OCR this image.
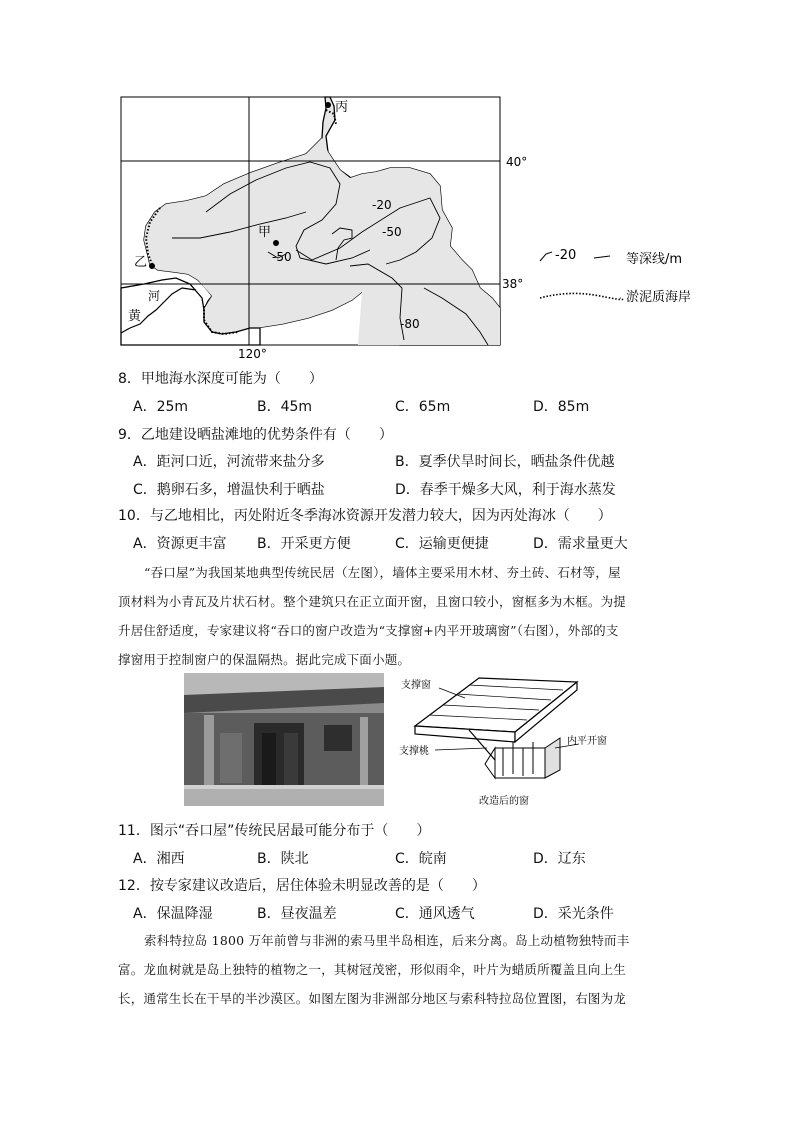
丙
甲
乙
黄
河
40°
38°
120°
-20
-50
-50
-80
-20	等深线/m
淤泥质海岸
8．甲地海水深度可能为（　　）
A．25m	B．45m	C．65m	D．85m
9．乙地建设晒盐滩地的优势条件有（　　）
A．距河口近，河流带来盐分多	B．夏季伏旱时间长，晒盐条件优越
C．鹅卵石多，增温快利于晒盐	D．春季干燥多大风，利于海水蒸发
10．与乙地相比，丙处附近冬季海冰资源开发潜力较大，因为丙处海冰（　　）
A．资源更丰富 B．开采更方便	C．运输更便捷	D．需求量更大
“吞口屋”为我国某地典型传统民居（左图），墙体主要采用木材、夯土砖、石材等，屋
顶材料为小青瓦及片状石材。整个建筑只在正立面开窗，且窗口较小，窗框多为木框。为提
升居住舒适度，专家建议将“吞口的窗户改造为“支撑窗+内平开玻璃窗”（右图），外部的支
撑窗用于控制窗户的保温隔热。据此完成下面小题。
支撑窗
支撑桃
内平开窗
改造后的窗
11．图示“吞口屋”传统民居最可能分布于（　　）
A．湘西	B．陕北	C．皖南	D．辽东
12．按专家建议改造后，居住体验未明显改善的是（　　）
A．保温降湿	B．昼夜温差	C．通风透气	D．采光条件
索科特拉岛 1800 万年前曾与非洲的索马里半岛相连，后来分离。岛上动植物独特而丰
富。龙血树就是岛上独特的植物之一，其树冠茂密，形似雨伞，叶片为蜡质所覆盖且向上生
长，通常生长在干旱的半沙漠区。如图左图为非洲部分地区与索科特拉岛位置图，右图为龙
